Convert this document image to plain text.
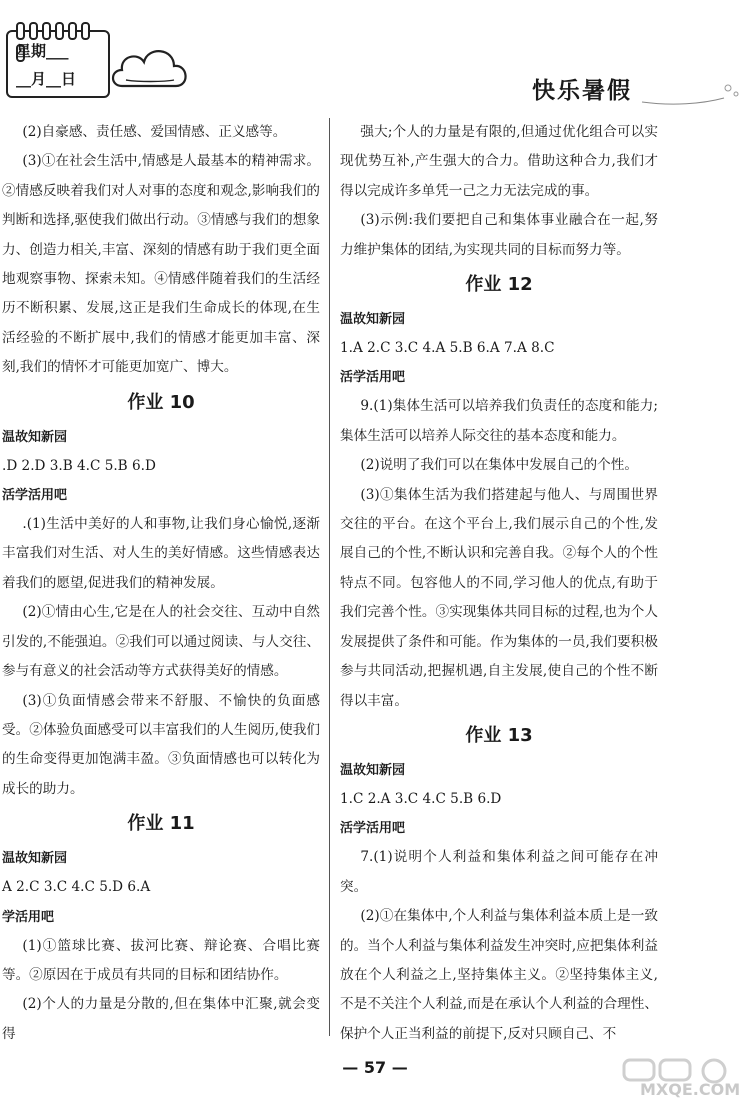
星期___
__月__日	快乐暑假

(2)自豪感、责任感、爱国情感、正义感等。

(3)①在社会生活中,情感是人最基本的精神需求。②情感反映着我们对人对事的态度和观念,影响我们的判断和选择,驱使我们做出行动。③情感与我们的想象力、创造力相关,丰富、深刻的情感有助于我们更全面地观察事物、探索未知。④情感伴随着我们的生活经历不断积累、发展,这正是我们生命成长的体现,在生活经验的不断扩展中,我们的情感才能更加丰富、深刻,我们的情怀才可能更加宽广、博大。

作业 10

温故知新园

.D 2.D 3.B 4.C 5.B 6.D

活学活用吧

.(1)生活中美好的人和事物,让我们身心愉悦,逐渐丰富我们对生活、对人生的美好情感。这些情感表达着我们的愿望,促进我们的精神发展。

(2)①情由心生,它是在人的社会交往、互动中自然引发的,不能强迫。②我们可以通过阅读、与人交往、参与有意义的社会活动等方式获得美好的情感。

(3)①负面情感会带来不舒服、不愉快的负面感受。②体验负面感受可以丰富我们的人生阅历,使我们的生命变得更加饱满丰盈。③负面情感也可以转化为成长的助力。

作业 11

温故知新园

A 2.C 3.C 4.C 5.D 6.A

学活用吧

(1)①篮球比赛、拔河比赛、辩论赛、合唱比赛等。②原因在于成员有共同的目标和团结协作。

(2)个人的力量是分散的,但在集体中汇聚,就会变得

强大;个人的力量是有限的,但通过优化组合可以实现优势互补,产生强大的合力。借助这种合力,我们才得以完成许多单凭一己之力无法完成的事。

(3)示例:我们要把自己和集体事业融合在一起,努力维护集体的团结,为实现共同的目标而努力等。

作业 12

温故知新园

1.A 2.C 3.C 4.A 5.B 6.A 7.A 8.C

活学活用吧

9.(1)集体生活可以培养我们负责任的态度和能力;集体生活可以培养人际交往的基本态度和能力。

(2)说明了我们可以在集体中发展自己的个性。

(3)①集体生活为我们搭建起与他人、与周围世界交往的平台。在这个平台上,我们展示自己的个性,发展自己的个性,不断认识和完善自我。②每个人的个性特点不同。包容他人的不同,学习他人的优点,有助于我们完善个性。③实现集体共同目标的过程,也为个人发展提供了条件和可能。作为集体的一员,我们要积极参与共同活动,把握机遇,自主发展,使自己的个性不断得以丰富。

作业 13

温故知新园

1.C 2.A 3.C 4.C 5.B 6.D

活学活用吧

7.(1)说明个人利益和集体利益之间可能存在冲突。

(2)①在集体中,个人利益与集体利益本质上是一致的。当个人利益与集体利益发生冲突时,应把集体利益放在个人利益之上,坚持集体主义。②坚持集体主义,不是不关注个人利益,而是在承认个人利益的合理性、保护个人正当利益的前提下,反对只顾自己、不

— 57 —
MXQE.COM
